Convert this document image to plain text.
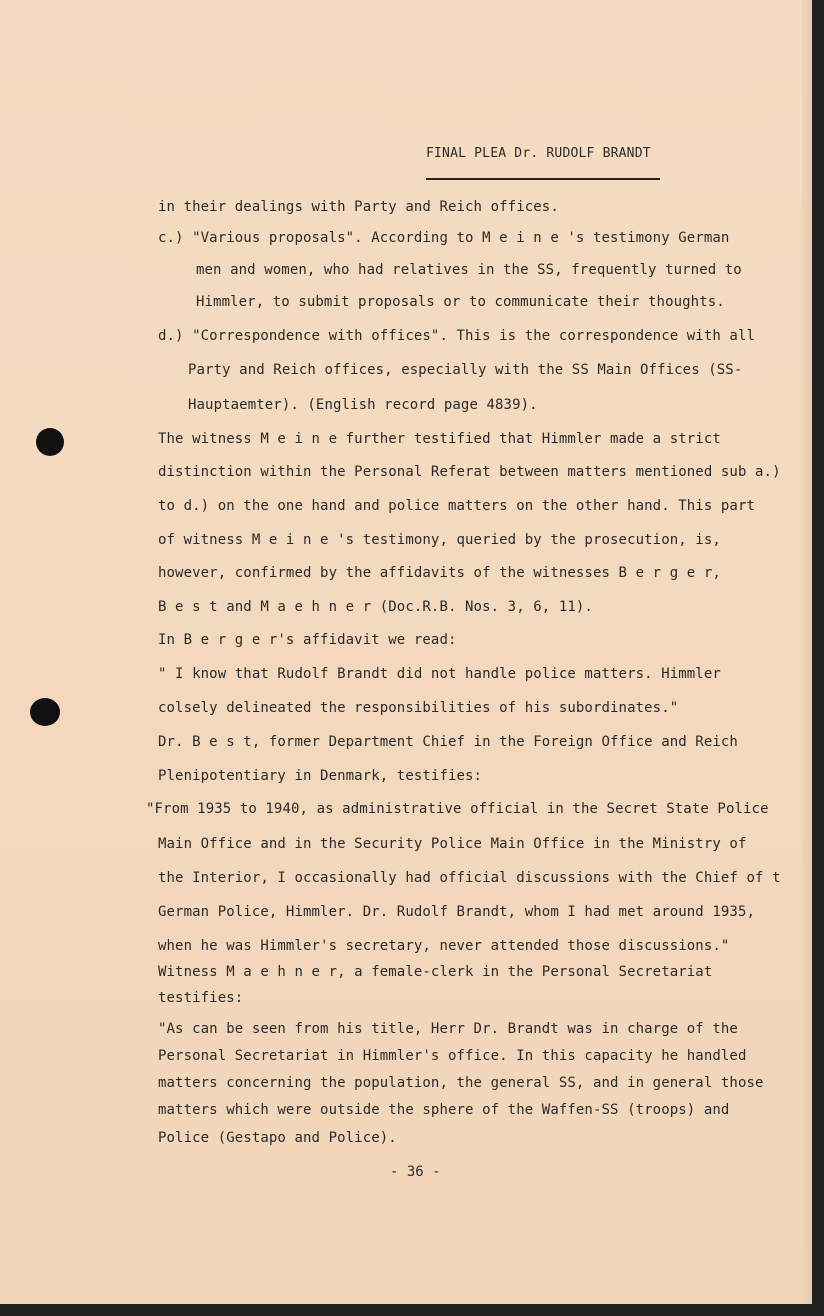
FINAL PLEA Dr. RUDOLF BRANDT
in their dealings with Party and Reich offices.
c.) "Various proposals". According to M e i n e 's testimony German
men and women, who had relatives in the SS, frequently turned to
Himmler, to submit proposals or to communicate their thoughts.
d.) "Correspondence with offices". This is the correspondence with all
Party and Reich offices, especially with the SS Main Offices (SS-
Hauptaemter). (English record page 4839).
The witness M e i n e further testified that Himmler made a strict
distinction within the Personal Referat between matters mentioned sub a.)
to d.) on the one hand and police matters on the other hand. This part
of witness M e i n e 's testimony, queried by the prosecution, is,
however, confirmed by the affidavits of the witnesses B e r g e r,
B e s t and M a e h n e r (Doc.R.B. Nos. 3, 6, 11).
In B e r g e r's affidavit we read:
" I know that Rudolf Brandt did not handle police matters. Himmler
colsely delineated the responsibilities of his subordinates."
Dr. B e s t, former Department Chief in the Foreign Office and Reich
Plenipotentiary in Denmark, testifies:
"From 1935 to 1940, as administrative official in the Secret State Police
Main Office and in the Security Police Main Office in the Ministry of
the Interior, I occasionally had official discussions with the Chief of t
German Police, Himmler. Dr. Rudolf Brandt, whom I had met around 1935,
when he was Himmler's secretary, never attended those discussions."
Witness M a e h n e r, a female-clerk in the Personal Secretariat
testifies:
"As can be seen from his title, Herr Dr. Brandt was in charge of the
Personal Secretariat in Himmler's office. In this capacity he handled
matters concerning the population, the general SS, and in general those
matters which were outside the sphere of the Waffen-SS (troops) and
Police (Gestapo and Police).
- 36 -
